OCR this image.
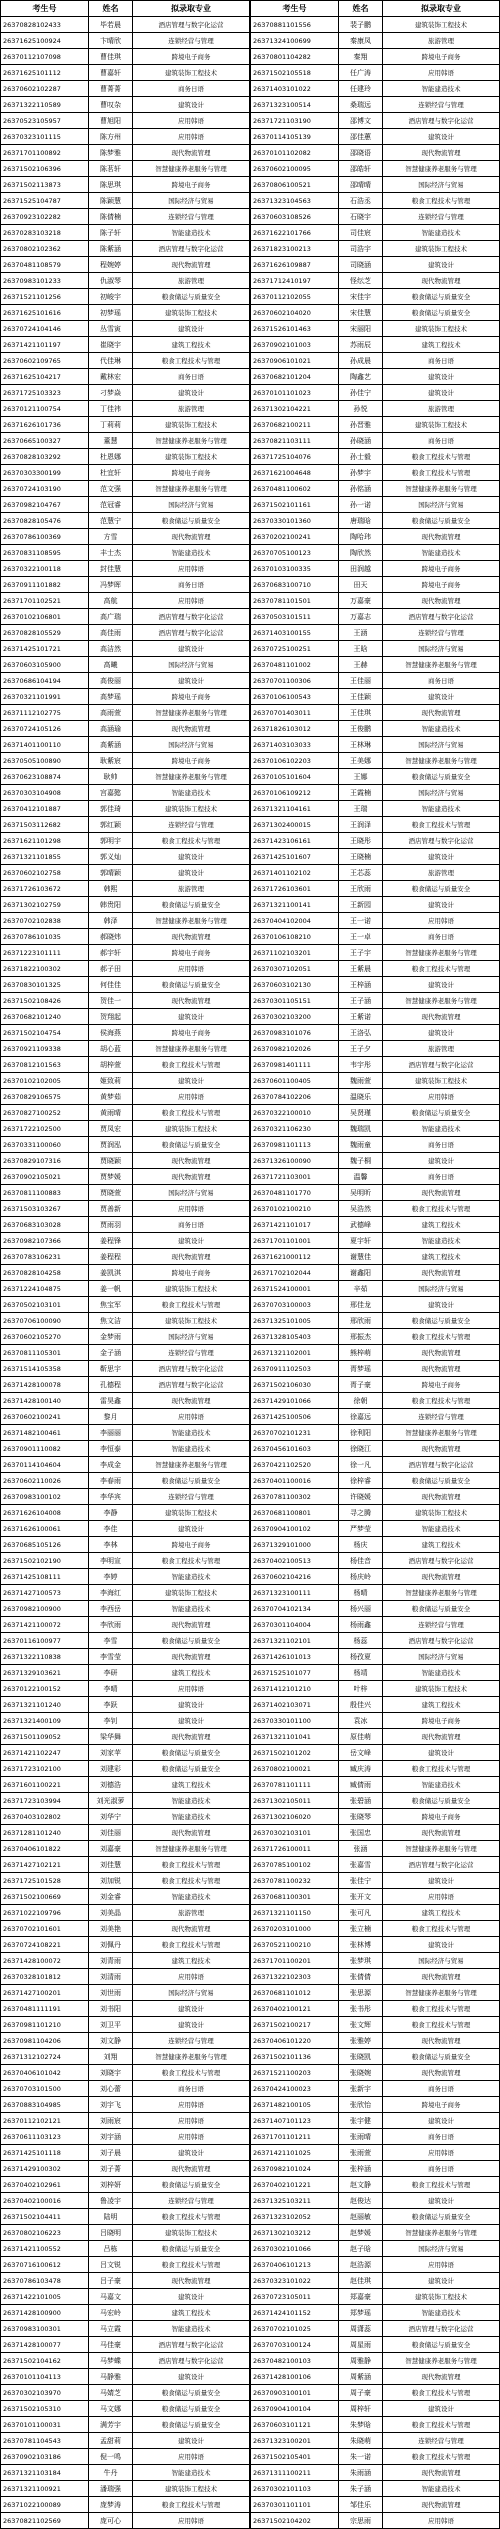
考生号	姓名	拟录取专业
26370828102433	毕若晨	酒店管理与数字化运营
26371625100924	卞晴欣	连锁经营与管理
26370112107098	曹佳琪	跨境电子商务
26371625101112	曹嘉轩	建筑装饰工程技术
26370602102287	曹菁菁	商务日语
26371322110589	曹叹杂	建筑设计
26370523105957	曹旭阳	应用韩语
26370323101115	陈方州	应用韩语
26371701100892	陈梦雅	现代物流管理
26371502106396	陈茗轩	智慧健康养老服务与管理
26371502113873	陈思琪	跨境电子商务
26371525104787	陈颖慧	国际经济与贸易
26370923102282	陈倩楠	连锁经营与管理
26370283103218	陈子轩	智能建造技术
26370802102362	陈紫涵	酒店管理与数字化运营
26370481108579	程婉婷	现代物流管理
26370983101233	仇淑琴	旅游管理
26371521101256	初峻宇	粮食储运与质量安全
26371625101616	初梦瑶	建筑装饰工程技术
26370724104146	丛雪寅	建筑设计
26371421101197	崔晓宇	建筑工程技术
26370602109765	代佳琳	粮食工程技术与管理
26371625104217	戴林宏	商务日语
26371725103323	刁梦焱	建筑设计
26370121100754	丁佳祎	旅游管理
26371626101736	丁莉莉	建筑装饰工程技术
26370665100327	董慧	智慧健康养老服务与管理
26370828103292	杜恩娜	建筑装饰工程技术
26370303300199	杜宜轩	跨境电子商务
26370724103190	范文强	智慧健康养老服务与管理
26370982104767	范冠睿	国际经济与贸易
26370828105476	范慧宁	粮食储运与质量安全
26370786100369	方雪	现代物流管理
26370831108595	丰士杰	智能建造技术
26370322100118	封佳慧	应用韩语
26370911101882	冯梦晖	商务日语
26371701102521	高航	应用韩语
26370102106801	高广瑞	酒店管理与数字化运营
26370828105529	高佳雨	酒店管理与数字化运营
26371425101721	高洁然	建筑设计
26370603105900	高曦	国际经济与贸易
26370686104194	高俊丽	建筑设计
26370321101991	高梦瑶	跨境电子商务
26371112102775	高雨萱	智慧健康养老服务与管理
26370724105126	高涵瑜	现代物流管理
26371401100110	高紫涵	国际经济与贸易
26370505100890	耿紫宸	跨境电子商务
26370623108874	耿帅	智慧健康养老服务与管理
26370303104908	宫嘉懿	智能建造技术
26370412101887	郭佳琦	建筑装饰工程技术
26371503112682	郭红颖	连锁经营与管理
26371621101298	郭明宇	粮食工程技术与管理
26371321101855	郭义灿	建筑设计
26370602102758	郭晴颖	建筑设计
26371726103672	韩熙	旅游管理
26371302102759	韩贵阳	粮食储运与质量安全
26370702102838	韩泽	智慧健康养老服务与管理
26370786101035	郝晓炜	现代物流管理
26371223101111	郝宇轩	跨境电子商务
26371822100302	郝子田	应用韩语
26370830101325	何佳佳	粮食储运与质量安全
26371502108426	贺佳一	现代物流管理
26370682101240	贺翔起	建筑设计
26371502104754	侯海燕	跨境电子商务
26370921109338	胡心蓝	智慧健康养老服务与管理
26370812101563	胡梓萱	粮食工程技术与管理
26370102102005	姬致莉	建筑设计
26370829106575	黄梦茹	应用韩语
26370827100252	黄雨晴	粮食工程技术与管理
26371722102500	贾凤宏	建筑装饰工程技术
26370331100060	贾润泓	粮食储运与质量安全
26370829107316	贾晓颖	现代物流管理
26370902105021	贾梦媛	现代物流管理
26370811100883	贾晓萱	国际经济与贸易
26371503103267	贾善新	应用韩语
26370683103028	贾雨羽	商务日语
26370982107366	姜程锋	建筑设计
26370783106231	姜程程	现代物流管理
26370828104258	姜凯淇	跨境电子商务
26371224104875	姜一帆	建筑装饰工程技术
26370502103101	焦宝军	粮食工程技术与管理
26370706100090	焦文洁	建筑装饰工程技术
26370602105270	金梦雨	国际经济与贸易
26370811105301	金子涵	连锁经营与管理
26371514105358	靳思宇	酒店管理与数字化运营
26371428100078	孔德程	酒店管理与数字化运营
26371428100140	雷昊鑫	现代物流管理
26370602100241	黎月	应用韩语
26371482100461	李丽丽	智能建造技术
26370901110082	李恒泰	智能建造技术
26370114104604	李成金	智慧健康养老服务与管理
26370602110026	李春雨	粮食储运与质量安全
26370983100102	李华宾	连锁经营与管理
26371626104008	李静	建筑装饰工程技术
26371626100061	李佳	建筑设计
26370685105126	李林	跨境电子商务
26371502102190	李明宣	粮食工程技术与管理
26371425108111	李婷	智能建造技术
26371427100573	李海红	建筑装饰工程技术
26370982100900	李西岳	智能建造技术
26371421100072	李欣雨	现代物流管理
26370116100977	李雪	粮食储运与质量安全
26371322110838	李雪莹	现代物流管理
26371329103621	李研	建筑工程技术
26370122100152	李晴	应用韩语
26371321101240	李跃	建筑设计
26371321400109	李钊	建筑设计
26371501109052	梁华舞	现代物流管理
26371421102247	刘家苹	粮食储运与质量安全
26371723102100	刘建彩	粮食储运与质量安全
26371601100221	刘德浩	建筑工程技术
26371723103994	刘光淑萝	智能建造技术
26370403102802	刘华宁	智能建造技术
26371281101240	刘佳丽	现代物流管理
26370406101822	刘嘉豪	智慧健康养老服务与管理
26371427102121	刘佳慧	粮食工程技术与管理
26371725101528	刘加锐	粮食工程技术与管理
26371502100669	刘金睿	智能建造技术
26371022109796	刘美晶	旅游管理
26370702101601	刘美艳	现代物流管理
26370724108221	刘佩丹	粮食工程技术与管理
26371428100072	刘青雨	建筑工程技术
26370328101812	刘清雨	应用韩语
26371427100201	刘世雨	国际经济与贸易
26370481111191	刘书阳	建筑设计
26370981101210	刘卫平	建筑设计
26370981104206	刘文静	连锁经营与管理
26371312102724	刘翔	智慧健康养老服务与管理
26370406101042	刘晓宇	粮食工程技术与管理
26370703101500	刘心蕾	商务日语
26370883104985	刘宇飞	应用韩语
26370112102121	刘雨宸	应用韩语
26370611103123	刘宇涵	应用韩语
26371425101118	刘子晨	建筑设计
26371429100302	刘子菁	现代物流管理
26370402102961	刘梓妍	粮食储运与质量安全
26370402100016	鲁凌宇	连锁经营与管理
26371502104411	陆明	粮食工程技术与管理
26370802106223	吕晓明	建筑装饰工程技术
26371421100552	吕栋	粮食储运与质量安全
26370716100612	吕文锐	粮食工程技术与管理
26370786103478	吕子豪	现代物流管理
26371422101005	马嘉文	建筑设计
26371428100900	马宏岭	建筑工程技术
26370983100301	马立霞	智能建造技术
26371428100077	马佳豪	酒店管理与数字化运营
26371502104162	马梦蝶	酒店管理与数字化运营
26370101104113	马静雅	建筑设计
26370302103970	马婧芝	粮食储运与质量安全
26371502105310	马文娜	粮食储运与质量安全
26370101100031	满芳宇	粮食储运与质量安全
26370781104543	孟甜莉	建筑设计
26370902103186	倪一鸣	应用韩语
26371321103184	牛丹	智能建造技术
26371321100921	潘瑞强	建筑装饰工程技术
26371022100089	庞梦涛	粮食工程技术与管理
26370821102569	庞可心	应用韩语
考生号	姓名	拟录取专业
26370881101556	裴子鹏	建筑装饰工程技术
26371324100699	秦康凤	旅游管理
26370801104282	秦翔	跨境电子商务
26371502105518	任广涛	应用韩语
26371403101022	任建玲	智能建造技术
26371323100514	桑瑞远	连锁经营与管理
26371721103190	邵博文	酒店管理与数字化运营
26370114105139	邵佳蕙	建筑设计
26370101102082	邵晓语	现代物流管理
26370602100095	邵皓轩	智慧健康养老服务与管理
26370806100521	邵晴晴	国际经济与贸易
26371323104563	石浩丞	粮食工程技术与管理
26370603108526	石晓宇	连锁经营与管理
26371622101766	司佳宸	智能建造技术
26371823100213	司浩宇	建筑装饰工程技术
26371626109887	司晓涵	建筑设计
26371712410197	怪纭芝	现代物流管理
26370112102055	宋佳宇	粮食储运与质量安全
26370602104020	宋佳慧	粮食储运与质量安全
26371526101463	宋丽阳	建筑装饰工程技术
26370902101003	苏雨辰	建筑工程技术
26370906101021	孙成晨	商务日语
26370682101204	陶鑫艺	建筑设计
26370101101023	孙佳宁	建筑设计
26371302104221	孙悦	旅游管理
26370682100211	孙晋雅	建筑装饰工程技术
26370821103111	孙晓涵	商务日语
26371725104076	孙士毅	粮食工程技术与管理
26371621004648	孙梦宇	粮食工程技术与管理
26370481100602	孙铭涵	智慧健康养老服务与管理
26371502101161	孙一诺	国际经济与贸易
26370330101360	唐瑞晗	粮食储运与质量安全
26370202100241	陶哈玮	现代物流管理
26370705100123	陶欣然	智能建造技术
26370103100335	田润越	跨境电子商务
26370683100710	田天	跨境电子商务
26370781101501	万嘉豪	现代物流管理
26370503101511	万嘉志	酒店管理与数字化运营
26371403100155	王涵	连锁经营与管理
26370725100251	王晗	国际经济与贸易
26370481101002	王赫	智慧健康养老服务与管理
26370701100306	王佳丽	商务日语
26370106100543	王佳颖	建筑设计
26370701403011	王佳琪	现代物流管理
26371826103012	王俊鹏	智能建造技术
26371403103033	王林琳	国际经济与贸易
26370106102203	王美娜	智慧健康养老服务与管理
26370105101604	王娜	粮食储运与质量安全
26370106109212	王霞楠	国际经济与贸易
26371321104161	王瑞	智能建造技术
26371302400015	王润泽	粮食工程技术与管理
26371423106161	王晓彤	酒店管理与数字化运营
26371425101607	王晓楠	建筑设计
26371401102102	王芯蕊	旅游管理
26371726103601	王欣雨	粮食储运与质量安全
26371321100141	王新园	建筑设计
26370404102004	王一诺	应用韩语
26370106108210	王一卓	商务日语
26371102103201	王子宇	智慧健康养老服务与管理
26370307102051	王紫晨	粮食工程技术与管理
26370603102130	王梓涵	建筑设计
26370301105151	王子涵	智慧健康养老服务与管理
26370302103200	王紫诺	现代物流管理
26370983101076	王洛弘	建筑设计
26370982102026	王子夕	旅游管理
26370981401111	韦宇彤	酒店管理与数字化运营
26370601100405	魏雨萱	建筑装饰工程技术
26370784102206	温晓乐	应用韩语
26370322100010	吴贤瑾	粮食储运与质量安全
26370321106230	魏瑞凯	智能建造技术
26370981101113	魏雨童	商务日语
26371326100090	魏子桐	建筑设计
26371721103001	温馨	商务日语
26370481101770	吴明昕	现代物流管理
26370102100210	吴浩然	粮食工程技术与管理
26371421101017	武德峰	建筑工程技术
26371701101001	夏宇轩	智能建造技术
26371621000112	谢慧佳	建筑工程技术
26371702102044	谢鑫阳	现代物流管理
26371524100001	辛茹	国际经济与贸易
26370703100003	邢佳龙	建筑设计
26371325101005	邢欣雨	粮食储运与质量安全
26371328105403	邢振杰	粮食工程技术与管理
26371321102001	熊梓萌	现代物流管理
26370911102503	胥梦瑶	现代物流管理
26371502106030	胥子豪	跨境电子商务
26371429101066	徐朝	粮食工程技术与管理
26371425100506	徐嘉远	连锁经营与管理
26370702101231	徐利阳	智慧健康养老服务与管理
26370456101603	徐晓江	现代物流管理
26370421102520	徐一凡	酒店管理与数字化运营
26370401100016	徐梓睿	粮食储运与质量安全
26370781100302	许晓媛	现代物流管理
26370681100801	寻之腾	建筑装饰工程技术
26370904100102	严梦莹	智能建造技术
26371329101000	杨庆	建筑工程技术
26370402100513	杨佳音	酒店管理与数字化运营
26370602104216	杨庆岭	现代物流管理
26371323100111	杨晴	智慧健康养老服务与管理
26370704102134	杨兴丽	粮食储运与质量安全
26370301104004	杨雨鑫	连锁经营与管理
26371321102101	杨蕊	酒店管理与数字化运营
26371426101013	杨孜夏	国际经济与贸易
26371525101077	杨靖	智能建造技术
26371412101210	叶梓	建筑装饰工程技术
26371402103071	殷佳兴	建筑工程技术
26370330101100	袁冰	跨境电子商务
26371321101041	原佳萌	现代物流管理
26371502101202	岳文峰	建筑设计
26370802100021	臧庆涛	粮食工程技术与管理
26370781101111	臧倩雨	智能建造技术
26371302105011	张碧涵	粮食储运与质量安全
26371302106020	张晓琴	跨境电子商务
26370302103101	张国忠	现代物流管理
26371726100011	张涵	智慧健康养老服务与管理
26370785100102	张嘉雪	酒店管理与数字化运营
26370781100232	张佳宁	建筑设计
26370681100301	张开文	应用韩语
26371321101150	张可凡	建筑工程技术
26370203101000	张立楠	粮食工程技术与管理
26370521100210	张林博	建筑设计
26371701100201	张梦琪	国际经济与贸易
26371322102303	张倩倩	现代物流管理
26370681101012	张思源	智慧健康养老服务与管理
26370402100121	张书彤	粮食工程技术与管理
26371502100217	张文辉	粮食工程技术与管理
26370406101220	张雅婷	现代物流管理
26371502101136	张晓凯	粮食储运与质量安全
26371521100203	张晓婉	现代物流管理
26370424100023	张新宇	商务日语
26371482100105	张欣怡	跨境电子商务
26371407101123	张宇健	建筑设计
26371701101211	张雨晴	商务日语
26371421101025	张雨萱	应用韩语
26370982101024	张梓涵	商务日语
26370402101221	赵文静	粮食工程技术与管理
26371325103211	赵俊达	建筑设计
26371323102052	赵丽敏	粮食储运与质量安全
26371302103212	赵梦媛	智慧健康养老服务与管理
26370302101066	赵子晗	国际经济与贸易
26370406101213	赵浩源	应用韩语
26370323101022	赵佳琪	建筑设计
26370723105011	郑嘉豪	建筑装饰工程技术
26371424101152	郑梦瑶	智能建造技术
26370702101025	周潇蕊	酒店管理与数字化运营
26370703100124	周星雨	粮食储运与质量安全
26370482100103	周雅静	智慧健康养老服务与管理
26371428100106	周紫涵	现代物流管理
26370903100101	周子豪	粮食工程技术与管理
26370904100104	周梓轩	建筑设计
26370603101121	朱梦晗	粮食工程技术与管理
26371323100201	朱晓萌	连锁经营与管理
26371502105401	朱一诺	粮食工程技术与管理
26371311100211	朱雨涵	现代物流管理
26370302101103	朱子涵	智能建造技术
26370301101101	邹佳乐	现代物流管理
26371502104202	宗思雨	应用韩语
